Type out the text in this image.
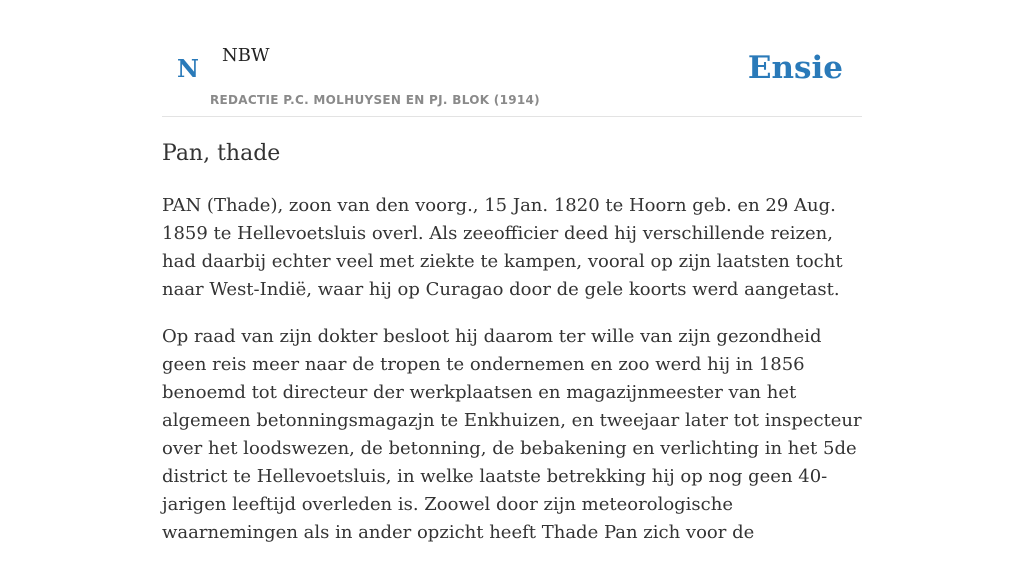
N NBW
REDACTIE P.C. MOLHUYSEN EN PJ. BLOK (1914)
Ensie
Pan, thade

PAN (Thade), zoon van den voorg., 15 Jan. 1820 te Hoorn geb. en 29 Aug. 1859 te Hellevoetsluis overl. Als zeeofficier deed hij verschillende reizen, had daarbij echter veel met ziekte te kampen, vooral op zijn laatsten tocht naar West-Indië, waar hij op Curagao door de gele koorts werd aangetast.

Op raad van zijn dokter besloot hij daarom ter wille van zijn gezondheid geen reis meer naar de tropen te ondernemen en zoo werd hij in 1856 benoemd tot directeur der werkplaatsen en magazijnmeester van het algemeen betonningsmagazjn te Enkhuizen, en tweejaar later tot inspecteur over het loodswezen, de betonning, de bebakening en verlichting in het 5de district te Hellevoetsluis, in welke laatste betrekking hij op nog geen 40-jarigen leeftijd overleden is. Zoowel door zijn meteorologische waarnemingen als in ander opzicht heeft Thade Pan zich voor de
